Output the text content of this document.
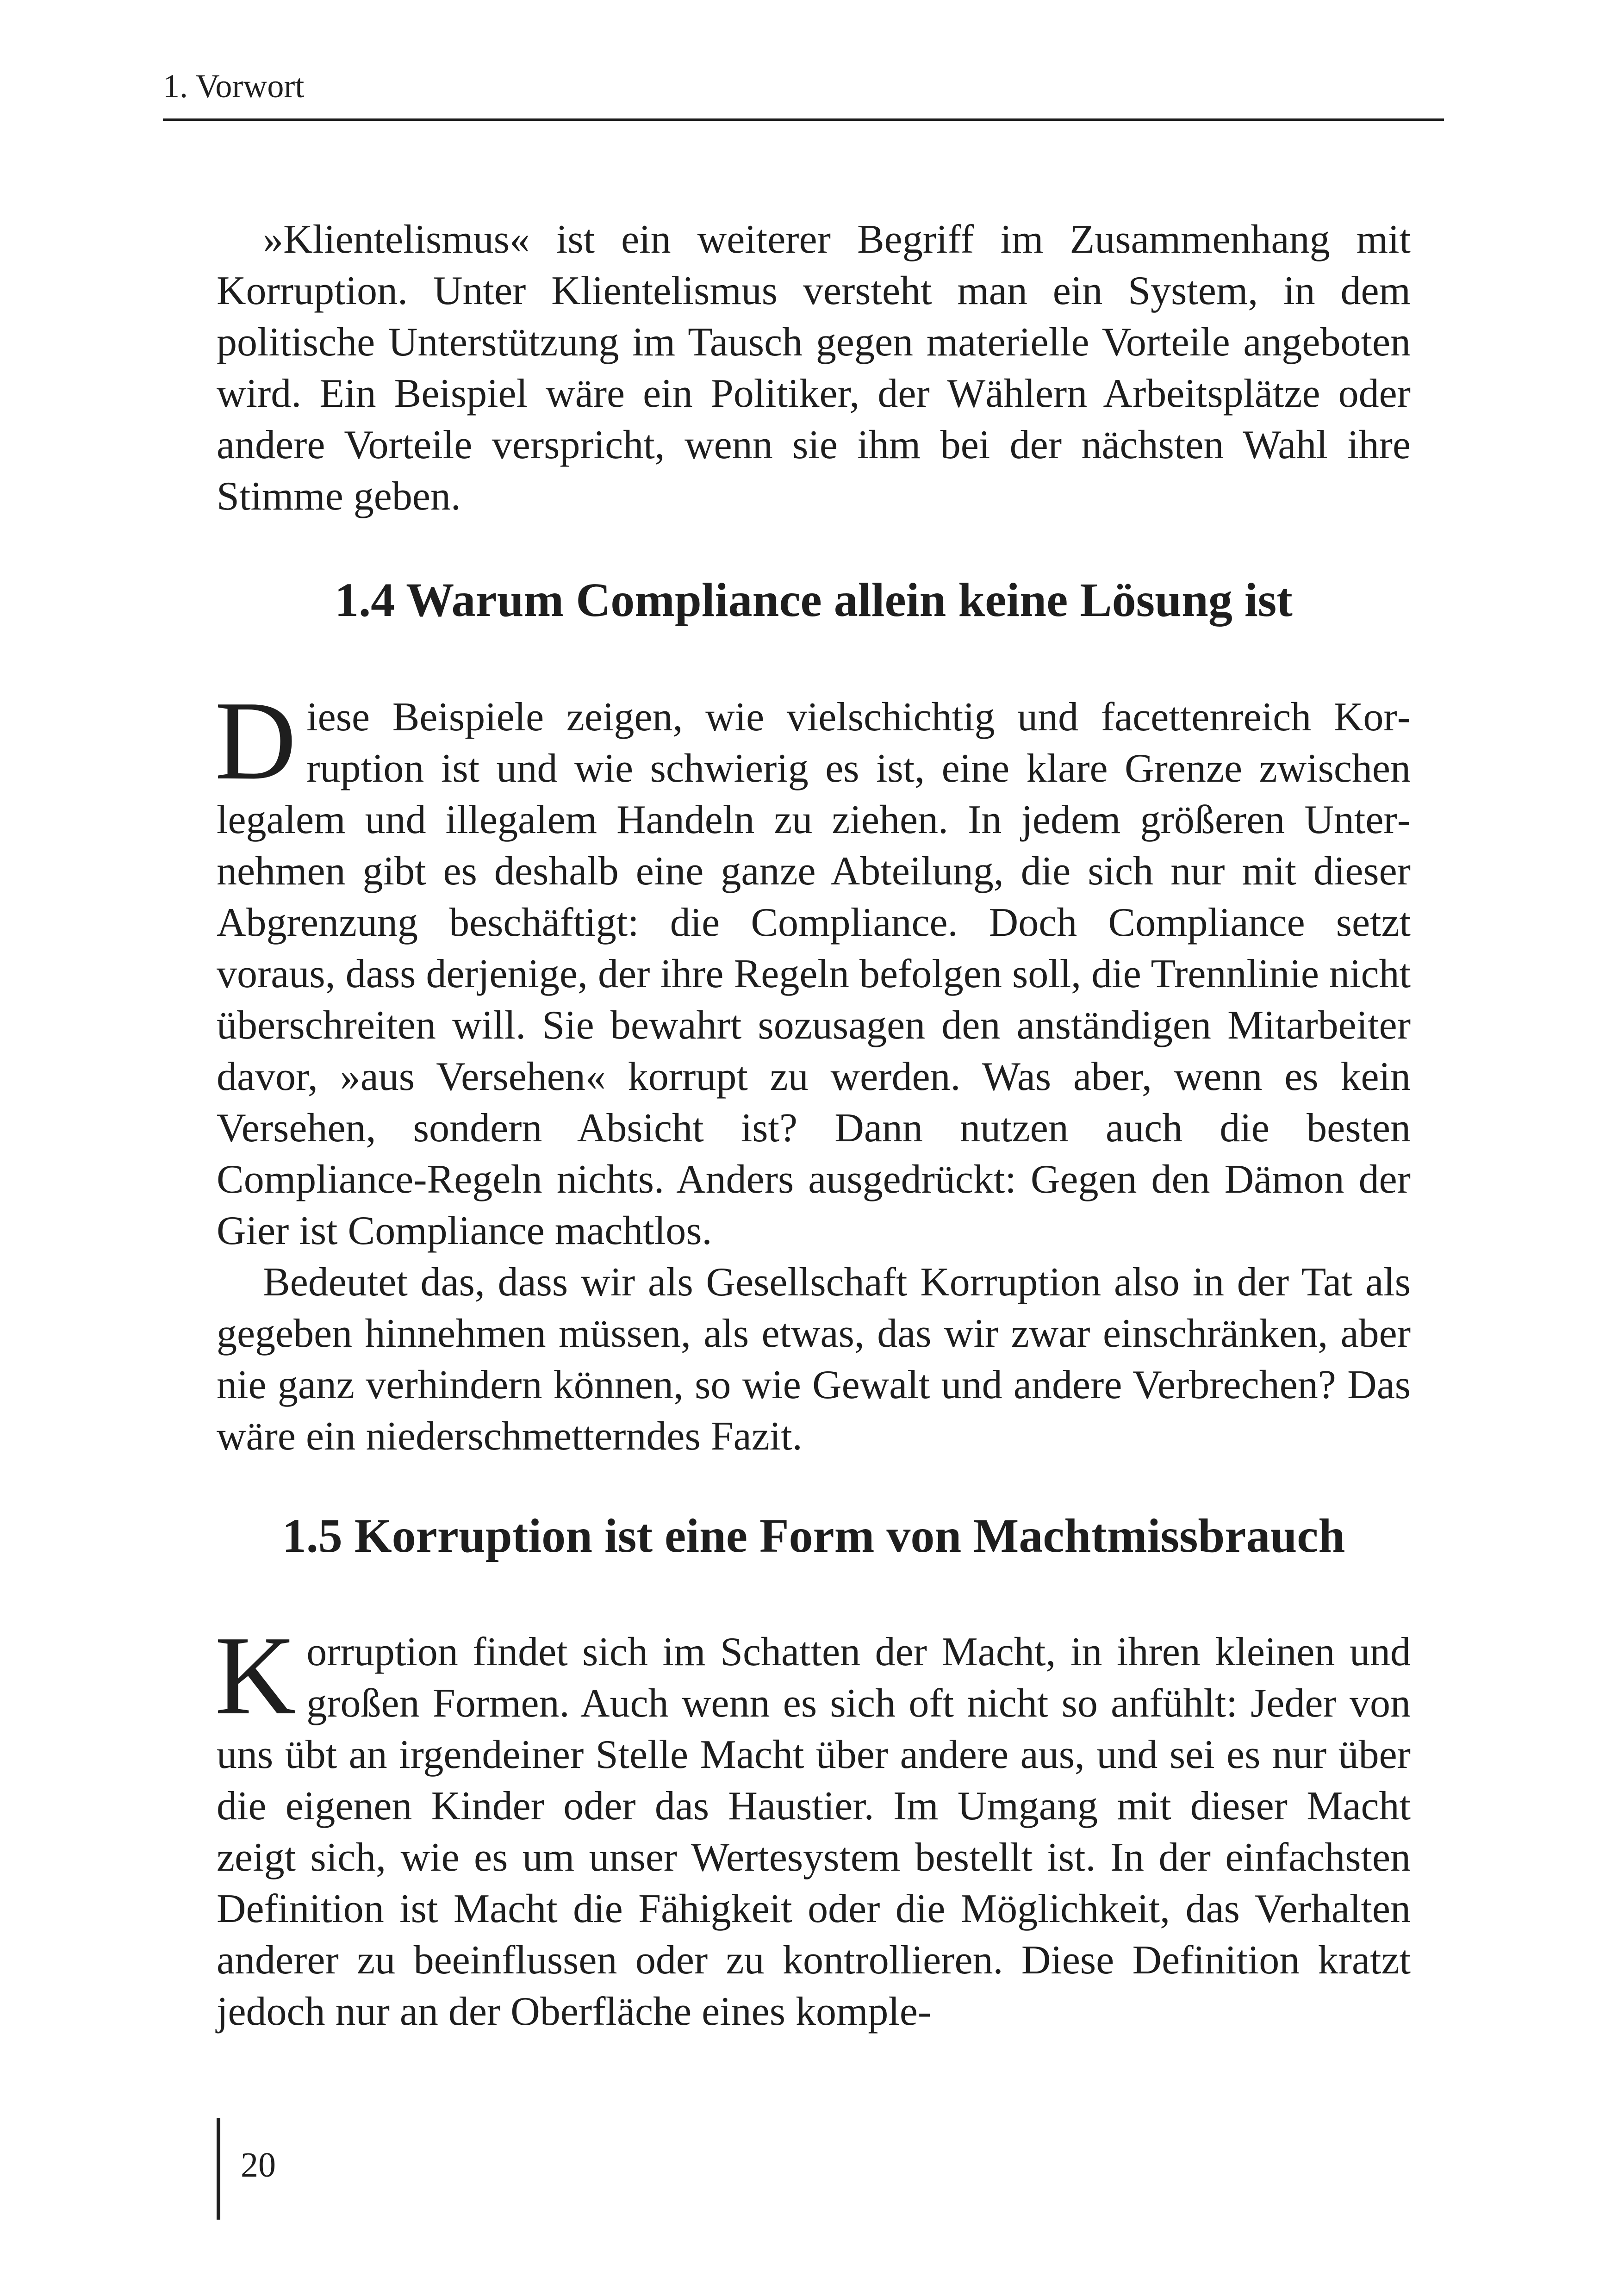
1. Vorwort

»Klientelismus« ist ein weiterer Begriff im Zusammenhang mit Korruption. Unter Klientelismus versteht man ein System, in dem politische Unterstützung im Tausch gegen materielle Vorteile angeboten wird. Ein Beispiel wäre ein Politiker, der Wählern Arbeitsplätze oder andere Vorteile verspricht, wenn sie ihm bei der nächsten Wahl ihre Stimme geben.

1.4 Warum Compliance allein keine Lösung ist

Diese Beispiele zeigen, wie vielschichtig und facettenreich Korruption ist und wie schwierig es ist, eine klare Grenze zwischen legalem und illegalem Handeln zu ziehen. In jedem größeren Unternehmen gibt es deshalb eine ganze Abteilung, die sich nur mit dieser Abgrenzung beschäftigt: die Compliance. Doch Compliance setzt voraus, dass derjenige, der ihre Regeln befolgen soll, die Trennlinie nicht überschreiten will. Sie bewahrt sozusagen den anständigen Mitarbeiter davor, »aus Versehen« korrupt zu werden. Was aber, wenn es kein Versehen, sondern Absicht ist? Dann nutzen auch die besten Compliance-Regeln nichts. Anders ausgedrückt: Gegen den Dämon der Gier ist Compliance machtlos.

Bedeutet das, dass wir als Gesellschaft Korruption also in der Tat als gegeben hinnehmen müssen, als etwas, das wir zwar einschränken, aber nie ganz verhindern können, so wie Gewalt und andere Verbrechen? Das wäre ein niederschmetterndes Fazit.

1.5 Korruption ist eine Form von Machtmissbrauch

Korruption findet sich im Schatten der Macht, in ihren kleinen und großen Formen. Auch wenn es sich oft nicht so anfühlt: Jeder von uns übt an irgendeiner Stelle Macht über andere aus, und sei es nur über die eigenen Kinder oder das Haustier. Im Umgang mit dieser Macht zeigt sich, wie es um unser Wertesystem bestellt ist. In der einfachsten Definition ist Macht die Fähigkeit oder die Möglichkeit, das Verhalten anderer zu beeinflussen oder zu kontrollieren. Diese Definition kratzt jedoch nur an der Oberfläche eines komple-

20
